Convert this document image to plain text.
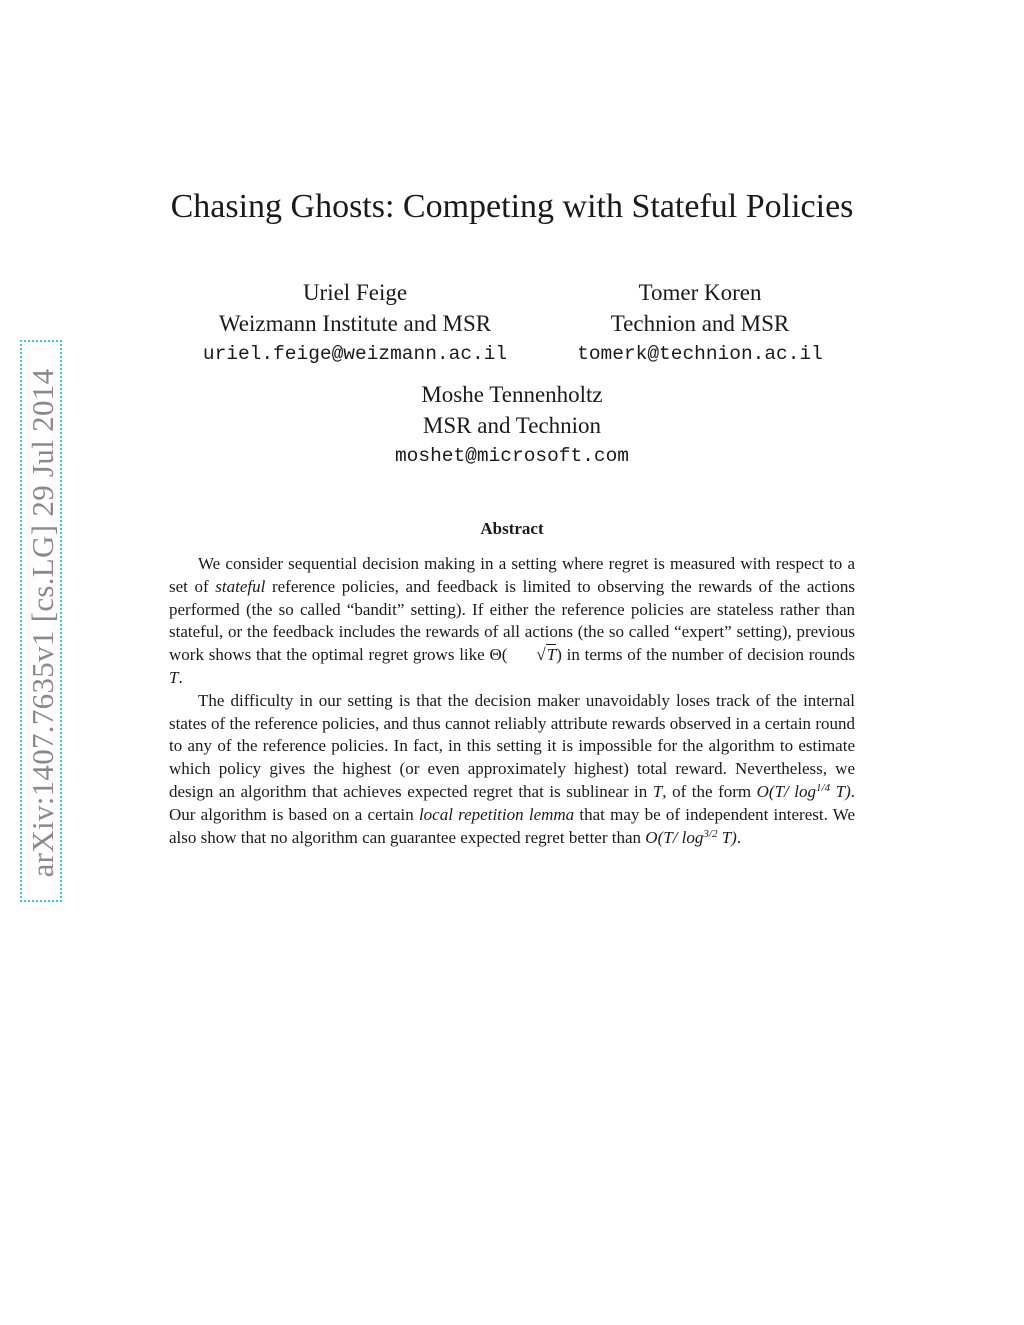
arXiv:1407.7635v1 [cs.LG] 29 Jul 2014
Chasing Ghosts: Competing with Stateful Policies
Uriel Feige
Weizmann Institute and MSR
uriel.feige@weizmann.ac.il
Tomer Koren
Technion and MSR
tomerk@technion.ac.il
Moshe Tennenholtz
MSR and Technion
moshet@microsoft.com
Abstract

We consider sequential decision making in a setting where regret is measured with respect to a set of stateful reference policies, and feedback is limited to observing the rewards of the actions performed (the so called “bandit” setting). If either the reference policies are stateless rather than stateful, or the feedback includes the rewards of all actions (the so called “expert” setting), previous work shows that the optimal regret grows like Θ( √T) in terms of the number of decision rounds T.

The difficulty in our setting is that the decision maker unavoidably loses track of the internal states of the reference policies, and thus cannot reliably attribute rewards observed in a certain round to any of the reference policies. In fact, in this setting it is impossible for the algorithm to estimate which policy gives the highest (or even approximately highest) total reward. Nevertheless, we design an algorithm that achieves expected regret that is sublinear in T, of the form O(T/ $\log^{1/4} T$). Our algorithm is based on a certain local repetition lemma that may be of independent interest. We also show that no algorithm can guarantee expected regret better than O(T/ $\log^{3/2} T$).
